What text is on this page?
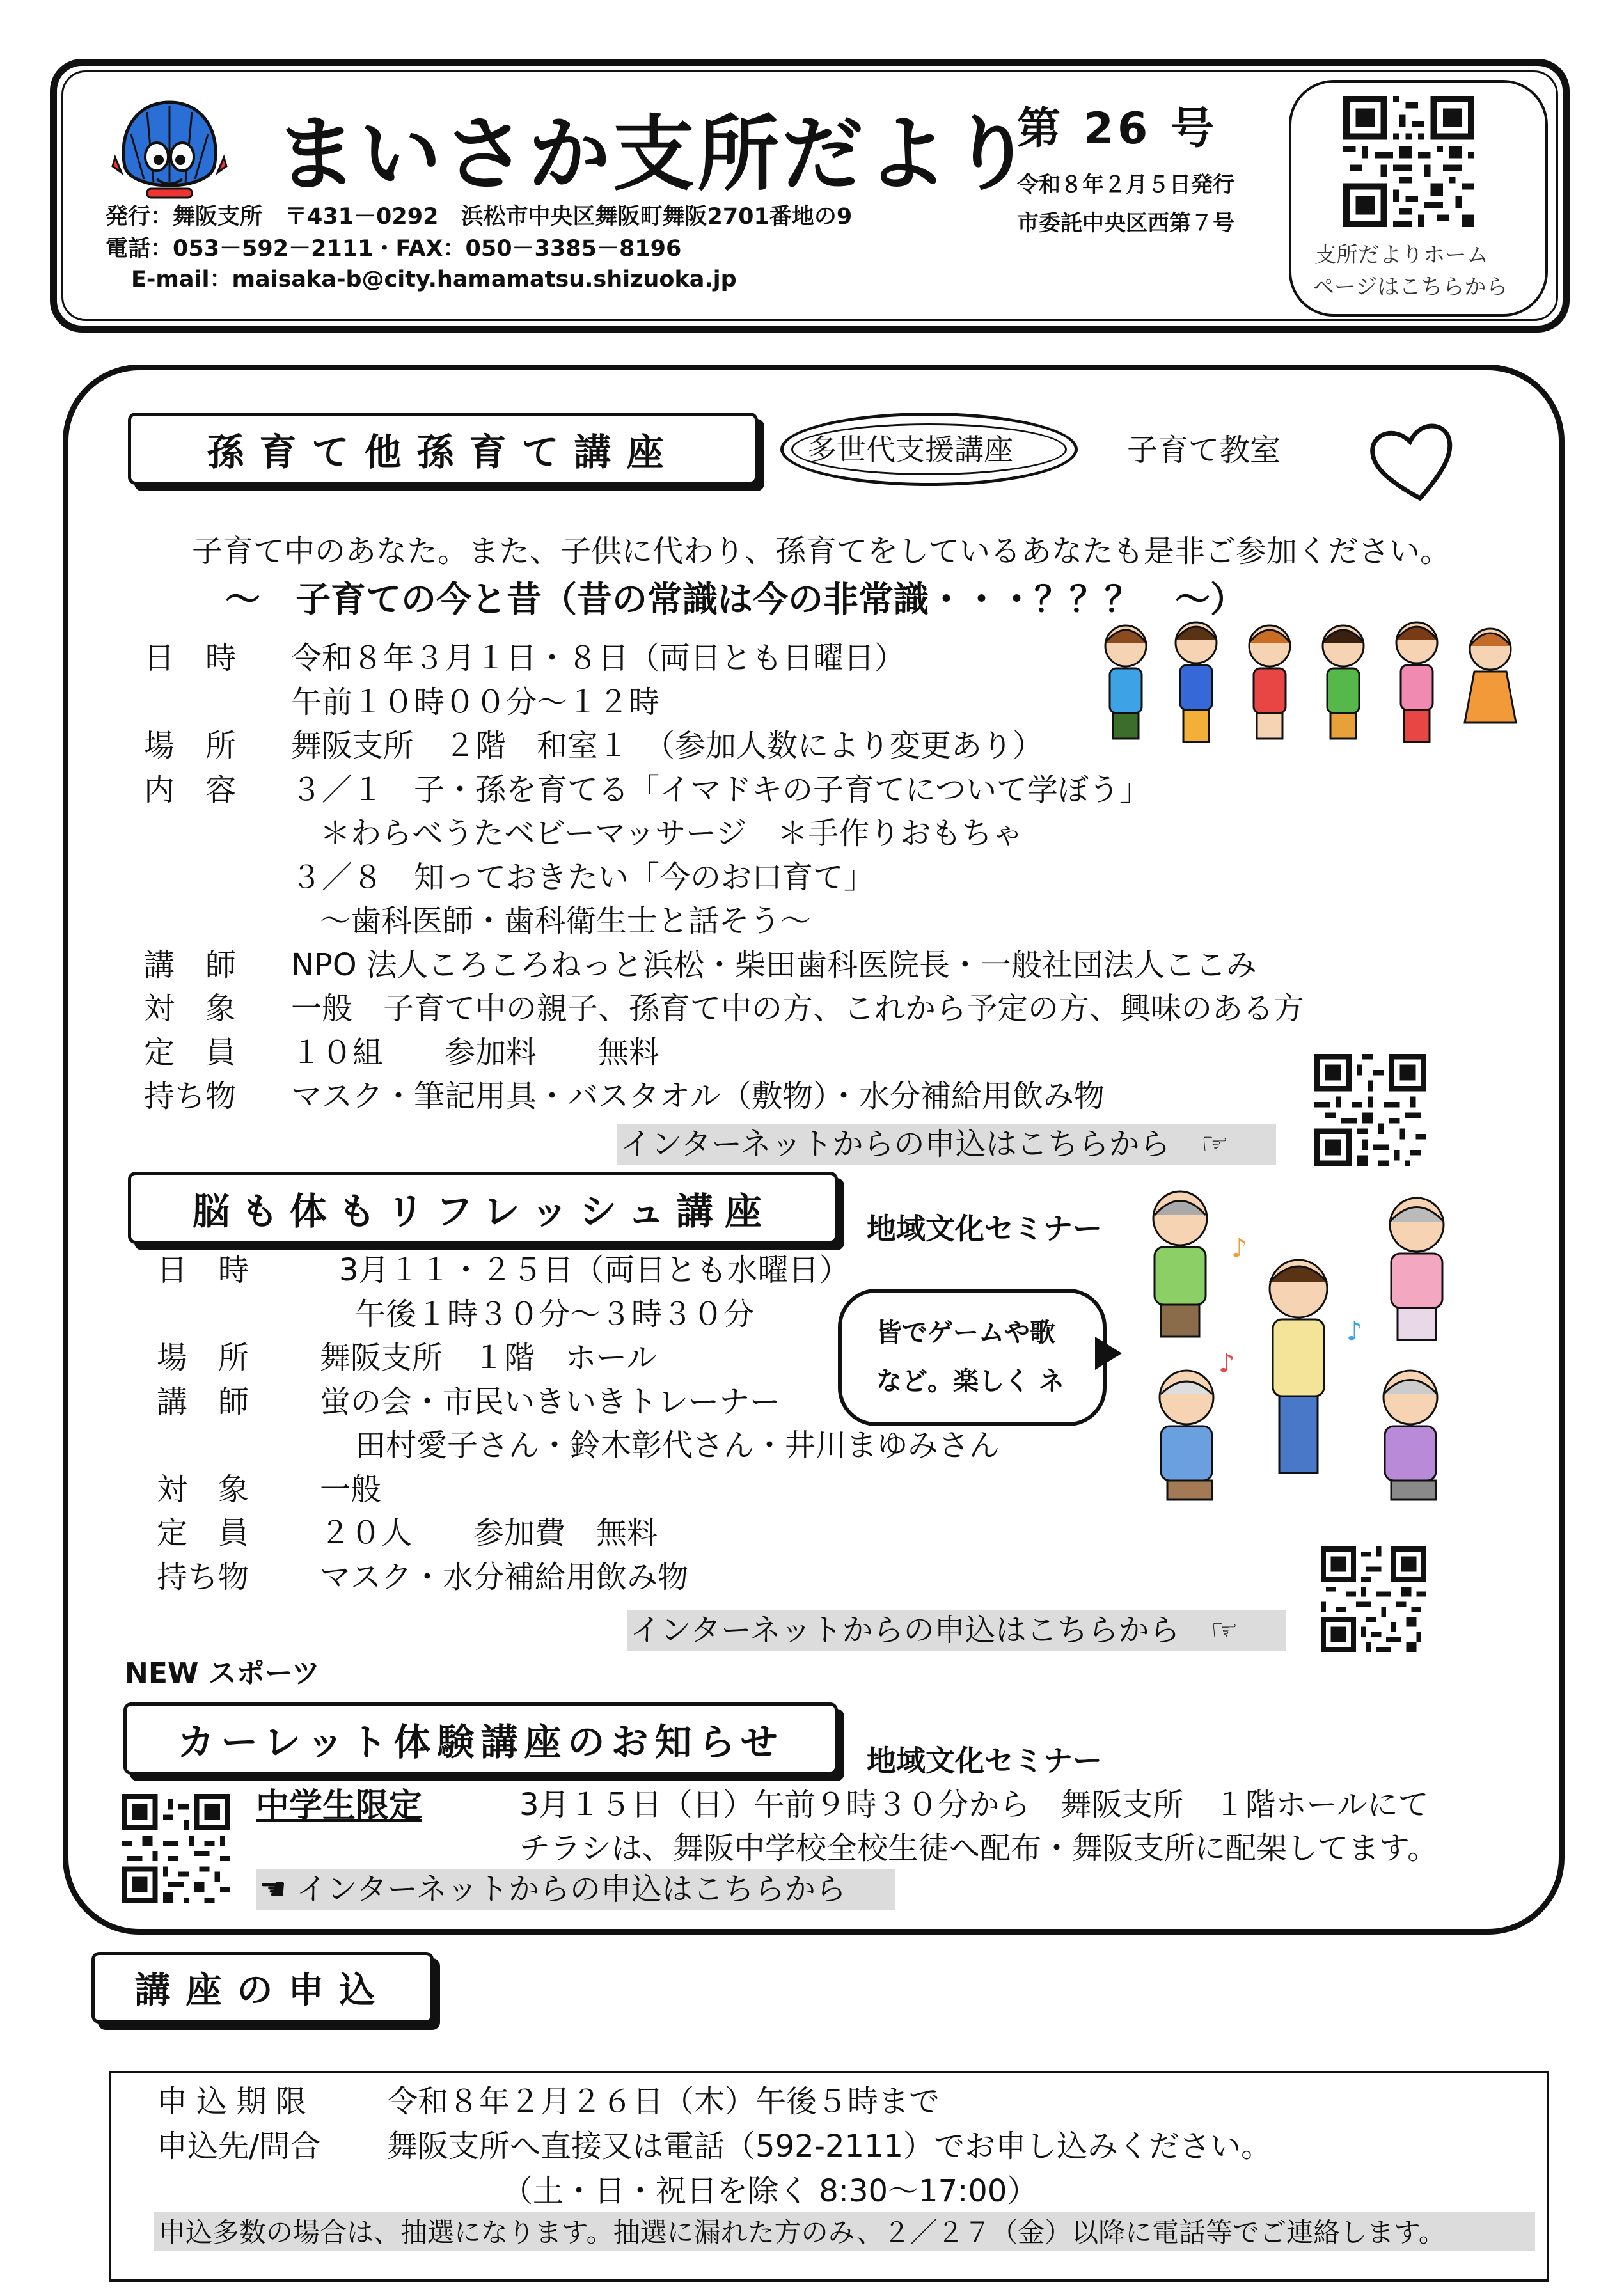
まいさか支所だより
第 26 号
令和８年２月５日発行
市委託中央区西第７号
発行：舞阪支所　〒431－0292　浜松市中央区舞阪町舞阪2701番地の9
電話：053－592－2111・FAX：050－3385－8196
E-mail：maisaka-b@city.hamamatsu.shizuoka.jp
支所だよりホーム
ページはこちらから
孫育て他孫育て講座	多世代支援講座	子育て教室
子育て中のあなた。また、子供に代わり、孫育てをしているあなたも是非ご参加ください。
～　子育ての今と昔（昔の常識は今の非常識・・・？？？　～）
日　時 令和８年３月１日・８日（両日とも日曜日）
午前１０時００分～１２時
場　所 舞阪支所　２階　和室１　（参加人数により変更あり）
内　容 ３／１　子・孫を育てる「イマドキの子育てについて学ぼう」
＊わらべうたベビーマッサージ　＊手作りおもちゃ
３／８　知っておきたい「今のお口育て」
～歯科医師・歯科衛生士と話そう～
講　師 NPO 法人ころころねっと浜松・柴田歯科医院長・一般社団法人ここみ
対　象 一般　子育て中の親子、孫育て中の方、これから予定の方、興味のある方
定　員 １０組　　参加料　　無料
持ち物 マスク・筆記用具・バスタオル（敷物）・水分補給用飲み物
インターネットからの申込はこちらから　☞
脳も体もリフレッシュ講座	地域文化セミナー
日　時	3月１１・２５日（両日とも水曜日）
午後１時３０分～３時３０分
場　所 舞阪支所　１階　ホール
講　師 蛍の会・市民いきいきトレーナー
田村愛子さん・鈴木彰代さん・井川まゆみさん
対　象 一般
定　員 ２０人　　参加費　無料
持ち物 マスク・水分補給用飲み物
皆でゲームや歌
など。楽しく ネ
♪
♪
♪
インターネットからの申込はこちらから　☞
NEW スポーツ
カーレット体験講座のお知らせ	地域文化セミナー
中学生限定	3月１５日（日）午前９時３０分から　舞阪支所　１階ホールにて
チラシは、舞阪中学校全校生徒へ配布・舞阪支所に配架してます。
☚ インターネットからの申込はこちらから
講座の申込
申込期限 令和８年２月２６日（木）午後５時まで
申込先/問合 舞阪支所へ直接又は電話（592-2111）でお申し込みください。
（土・日・祝日を除く 8:30～17:00）
申込多数の場合は、抽選になります。抽選に漏れた方のみ、２／２７（金）以降に電話等でご連絡します。
